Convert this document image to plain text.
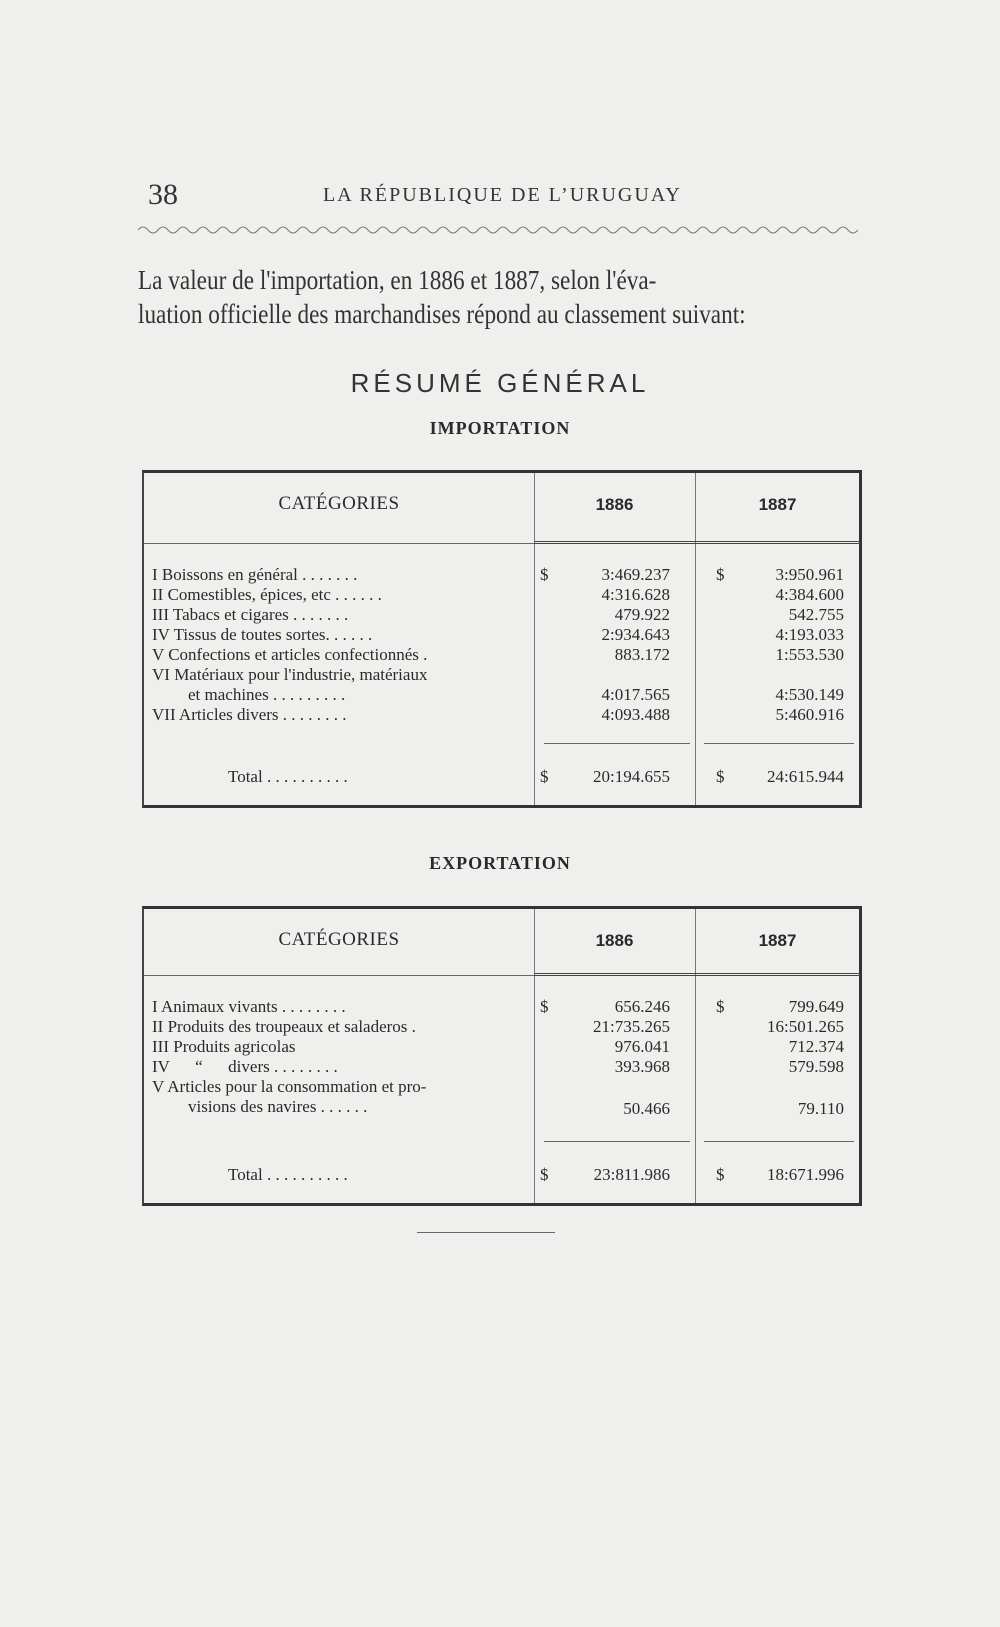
38	LA RÉPUBLIQUE DE L’URUGUAY
La valeur de l'importation, en 1886 et 1887, selon l'éva-
luation officielle des marchandises répond au classement suivant:
RÉSUMÉ GÉNÉRAL
IMPORTATION
CATÉGORIES	1886	1887
I Boissons en général . . . . . . .	$	3:469.237	$	3:950.961
II Comestibles, épices, etc . . . . . .	4:316.628	4:384.600
III Tabacs et cigares . . . . . . .	479.922	542.755
IV Tissus de toutes sortes. . . . . .	2:934.643	4:193.033
V Confections et articles confectionnés .	883.172	1:553.530
VI Matériaux pour l'industrie, matériaux
et machines . . . . . . . . .	4:017.565	4:530.149
VII Articles divers . . . . . . . .	4:093.488	5:460.916
Total . . . . . . . . . .	$	20:194.655	$	24:615.944
EXPORTATION
CATÉGORIES	1886	1887
I Animaux vivants . . . . . . . .	$	656.246	$	799.649
II Produits des troupeaux et saladeros .	21:735.265	16:501.265
III Produits agricolas	976.041	712.374
IV      “      divers . . . . . . . .	393.968	579.598
V Articles pour la consommation et pro-
visions des navires . . . . . .	50.466	79.110
Total . . . . . . . . . .	$	23:811.986	$	18:671.996
